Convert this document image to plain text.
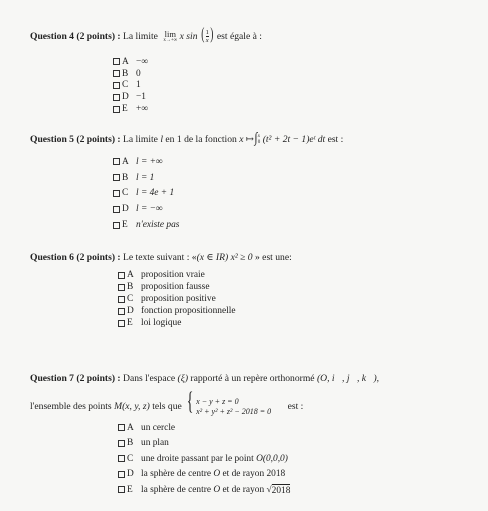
Question 4 (2 points) : La limite lim
x→+∞ x sin ( $\frac{1}{x}$ ) est égale à :
A −∞
B 0
C 1
D −1
E +∞
Question 5 (2 points) : La limite l en 1 de la fonction x ↦∫ x
0 (t² + 2t − 1)eᵗ dt est :
A l = +∞
B l = 1
C l = 4e + 1
D l = −∞
E n'existe pas
Question 6 (2 points) : Le texte suivant : «(x ∈ IR) x² ≥ 0 » est une:
A proposition vraie
B proposition fausse
C proposition positive
D fonction propositionnelle
E loi logique
Question 7 (2 points) : Dans l'espace (ξ) rapporté à un repère orthonormé (O, i⃗, j⃗, k⃗),
l'ensemble des points M(x, y, z) tels que { x − y + z = 0
x² + y² + z² − 2018 = 0 est :
A un cercle
B un plan
C une droite passant par le point
O(0,0,0)
D la sphère de centre
O
et de rayon 2018
E la sphère de centre
O
et de rayon √ 2018
